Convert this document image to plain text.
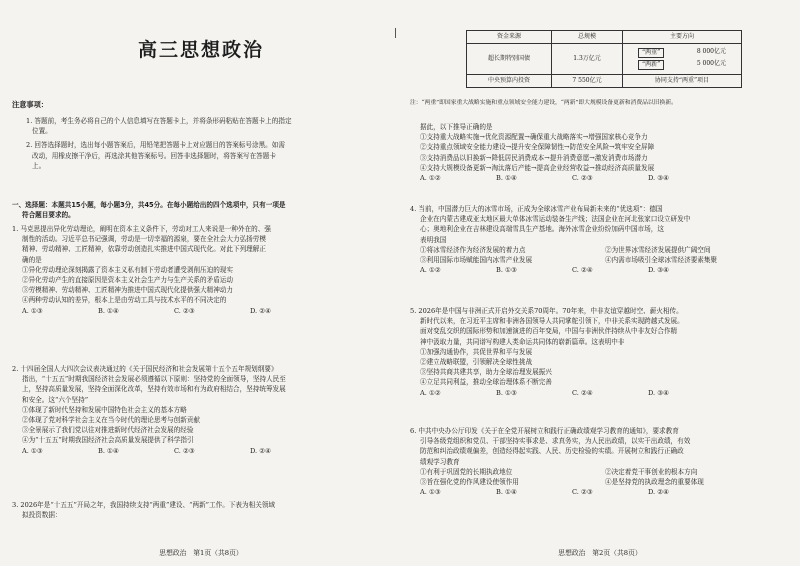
高三思想政治
注意事项：

1. 答题前，考生务必将自己的个人信息填写在答题卡上，并将条形码粘贴在答题卡上的指定

位置。

2. 回答选择题时，选出每小题答案后，用铅笔把答题卡上对应题目的答案标号涂黑。如需

改动，用橡皮擦干净后，再选涂其他答案标号。回答非选择题时，将答案写在答题卡

上。

一、选择题：本题共15小题，每小题3分，共45分。在每小题给出的四个选项中，只有一项是

符合题目要求的。

1. 马克思提出异化劳动理论，阐明在资本主义条件下，劳动对工人来说是一种外在的、强

制性的活动。习近平总书记强调，劳动是一切幸福的源泉，要在全社会大力弘扬劳模

精神、劳动精神、工匠精神，依靠劳动创造扎实推进中国式现代化。对此下列理解正

确的是

①异化劳动理论深刻揭露了资本主义私有制下劳动者遭受剥削压迫的现实

②异化劳动产生的直接原因是资本主义社会生产力与生产关系的矛盾运动

③劳模精神、劳动精神、工匠精神为推进中国式现代化提供强大精神动力

④两种劳动认知的差异，根本上是由劳动工具与技术水平的不同决定的

A. ①③	B. ①④	C. ②③	D. ②④

2. 十四届全国人大四次会议表决通过的《关于国民经济和社会发展第十五个五年规划纲要》

指出，“十五五”时期我国经济社会发展必须遵循以下原则：坚持党的全面领导，坚持人民至

上，坚持高质量发展，坚持全面深化改革，坚持有效市场和有为政府相结合，坚持统筹发展

和安全。这“六个坚持”

①体现了新时代坚持和发展中国特色社会主义的基本方略

②体现了党对科学社会主义在当今时代的理论思考与创新贡献

③全景展示了我们党以往对推进新时代经济社会发展的经验

④为“十五五”时期我国经济社会高质量发展提供了科学指引

A. ①③	B. ①④	C. ②③	D. ②④

3. 2026年是“十五五”开局之年，我国持续支持“两重”建设、“两新”工作。下表为相关领域

拟投资数据：

思想政治　第1页（共8页）
资金来源	总规模	主要方向
超长期特别国债	1.3万亿元	“两重” 8 000亿元
“两新” 5 000亿元

中央预算内投资	7 550亿元	协同支持“两重”项目
注：“两重”即国家重大战略实施和重点领域安全能力建设，“两新”即大规模设备更新和消费品以旧换新。

据此，以下推导正确的是

①支持重大战略实施→优化资源配置→确保重大战略落实→增强国家核心竞争力

②支持重点领域安全能力建设→提升安全保障韧性→防范安全风险→筑牢安全屏障

③支持消费品以旧换新→降低居民消费成本→提升消费意愿→激发消费市场潜力

④支持大规模设备更新→淘汰落后产能→提高企业经营收益→推动经济高质量发展

A. ①②	B. ①④	C. ②③	D. ③④

4. 当前，中国潜力巨大的冰雪市场，正成为全球冰雪产业布局新未来的“优选项”：德国

企业在内蒙古建成亚太地区最大单体冰雪运动装备生产线；法国企业在河北张家口设立研发中

心；奥地利企业在吉林建设高端雪具生产基地。海外冰雪企业纷纷加码中国市场，这

表明我国

①将冰雪经济作为经济发展的着力点	②为世界冰雪经济发展提供广阔空间
③利用国际市场赋能国内冰雪产业发展	④内需市场吸引全球冰雪经济要素集聚
A. ①②	B. ①③	C. ②④	D. ③④

5. 2026年是中国与非洲正式开启外交关系70周年。70年来，中非友谊穿越时空、薪火相传。

新时代以来，在习近平主席和非洲各国领导人共同掌舵引领下，中非关系实现跨越式发展。

面对变乱交织的国际形势和加速演进的百年变局，中国与非洲伙伴持续从中非友好合作精

神中汲取力量，共同谱写构建人类命运共同体的崭新篇章。这表明中非

①加强沟通协作，共促世界和平与发展

②建立战略联盟，引领解决全球性挑战

③坚持共商共建共享，助力全球治理发展振兴

④立足共同利益，推动全球治理体系不断完善

A. ①②	B. ①③	C. ②④	D. ③④

6. 中共中央办公厅印发《关于在全党开展树立和践行正确政绩观学习教育的通知》，要求教育

引导各级党组织和党员、干部坚持实事求是、求真务实，为人民出政绩，以实干出政绩，有效

防范和纠治政绩观偏差，创造经得起实践、人民、历史检验的实绩。开展树立和践行正确政

绩观学习教育

①有利于巩固党的长期执政地位	②决定着党干事创业的根本方向
③旨在强化党的作风建设使领作用	④是坚持党的执政理念的重要体现
A. ①③	B. ①④	C. ②③	D. ②④
思想政治　第2页（共8页）
